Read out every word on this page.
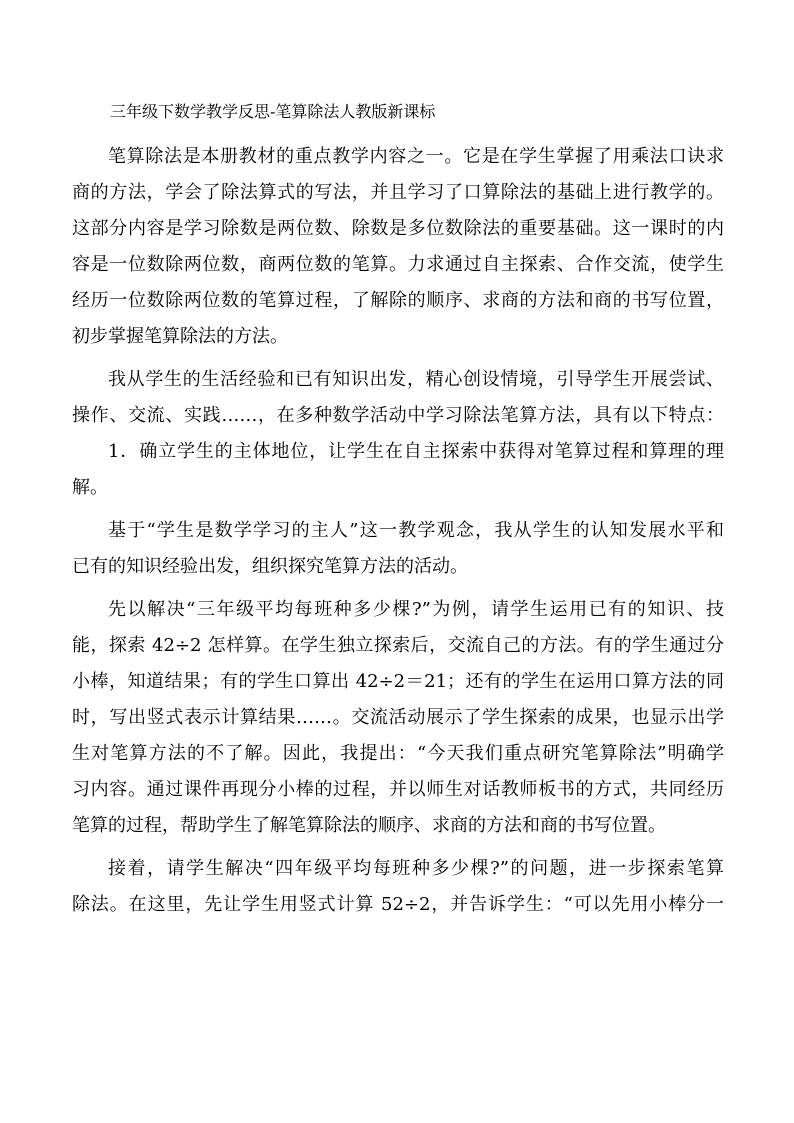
三年级下数学教学反思-笔算除法人教版新课标
笔算除法是本册教材的重点教学内容之一。它是在学生掌握了用乘法口诀求
商的方法，学会了除法算式的写法，并且学习了口算除法的基础上进行教学的。
这部分内容是学习除数是两位数、除数是多位数除法的重要基础。这一课时的内
容是一位数除两位数，商两位数的笔算。力求通过自主探索、合作交流，使学生
经历一位数除两位数的笔算过程，了解除的顺序、求商的方法和商的书写位置，
初步掌握笔算除法的方法。
我从学生的生活经验和已有知识出发，精心创设情境，引导学生开展尝试、
操作、交流、实践……，在多种数学活动中学习除法笔算方法，具有以下特点：
1．确立学生的主体地位，让学生在自主探索中获得对笔算过程和算理的理
解。
基于“学生是数学学习的主人”这一教学观念，我从学生的认知发展水平和
已有的知识经验出发，组织探究笔算方法的活动。
先以解决“三年级平均每班种多少棵?”为例，请学生运用已有的知识、技
能，探索 42÷2 怎样算。在学生独立探索后，交流自己的方法。有的学生通过分
小棒，知道结果；有的学生口算出 42÷2＝21；还有的学生在运用口算方法的同
时，写出竖式表示计算结果……。交流活动展示了学生探索的成果，也显示出学
生对笔算方法的不了解。因此，我提出：“今天我们重点研究笔算除法”明确学
习内容。通过课件再现分小棒的过程，并以师生对话教师板书的方式，共同经历
笔算的过程，帮助学生了解笔算除法的顺序、求商的方法和商的书写位置。
接着，请学生解决“四年级平均每班种多少棵?”的问题，进一步探索笔算
除法。在这里，先让学生用竖式计算 52÷2，并告诉学生：“可以先用小棒分一
